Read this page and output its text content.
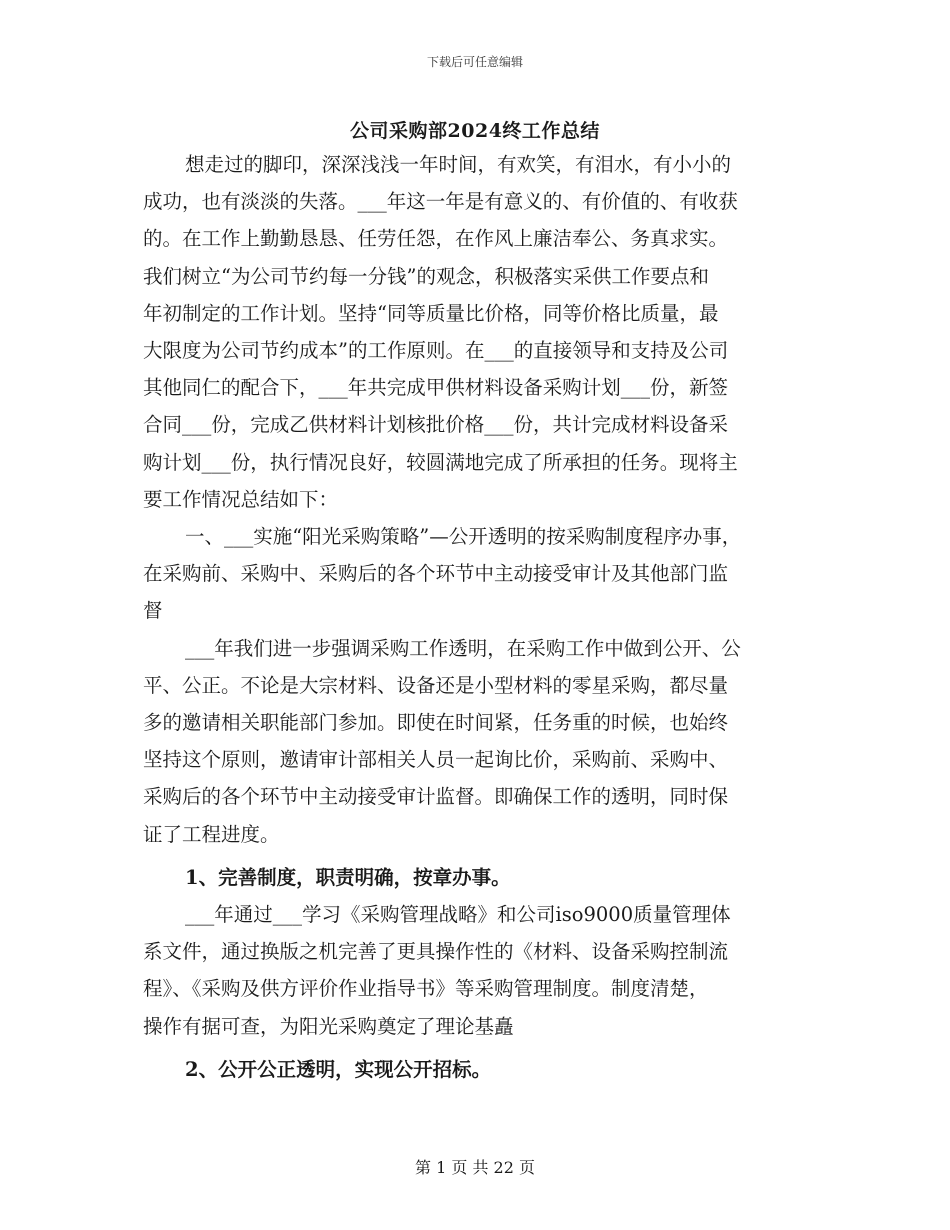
下载后可任意编辑
公司采购部2024终工作总结

想走过的脚印，深深浅浅一年时间，有欢笑，有泪水，有小小的

成功，也有淡淡的失落。___年这一年是有意义的、有价值的、有收获

的。在工作上勤勤恳恳、任劳任怨，在作风上廉洁奉公、务真求实。

我们树立“为公司节约每一分钱”的观念，积极落实采供工作要点和

年初制定的工作计划。坚持“同等质量比价格，同等价格比质量，最

大限度为公司节约成本”的工作原则。在___的直接领导和支持及公司

其他同仁的配合下，___年共完成甲供材料设备采购计划___份，新签

合同___份，完成乙供材料计划核批价格___份，共计完成材料设备采

购计划___份，执行情况良好，较圆满地完成了所承担的任务。现将主

要工作情况总结如下：

一、___实施“阳光采购策略”—公开透明的按采购制度程序办事，

在采购前、采购中、采购后的各个环节中主动接受审计及其他部门监

督

___年我们进一步强调采购工作透明，在采购工作中做到公开、公

平、公正。不论是大宗材料、设备还是小型材料的零星采购，都尽量

多的邀请相关职能部门参加。即使在时间紧，任务重的时候，也始终

坚持这个原则，邀请审计部相关人员一起询比价，采购前、采购中、

采购后的各个环节中主动接受审计监督。即确保工作的透明，同时保

证了工程进度。

1、完善制度，职责明确，按章办事。

___年通过___学习《采购管理战略》和公司iso9000质量管理体

系文件，通过换版之机完善了更具操作性的《材料、设备采购控制流

程》、《采购及供方评价作业指导书》等采购管理制度。制度清楚，

操作有据可查，为阳光采购奠定了理论基矗

2、公开公正透明，实现公开招标。

第 1 页 共 22 页
